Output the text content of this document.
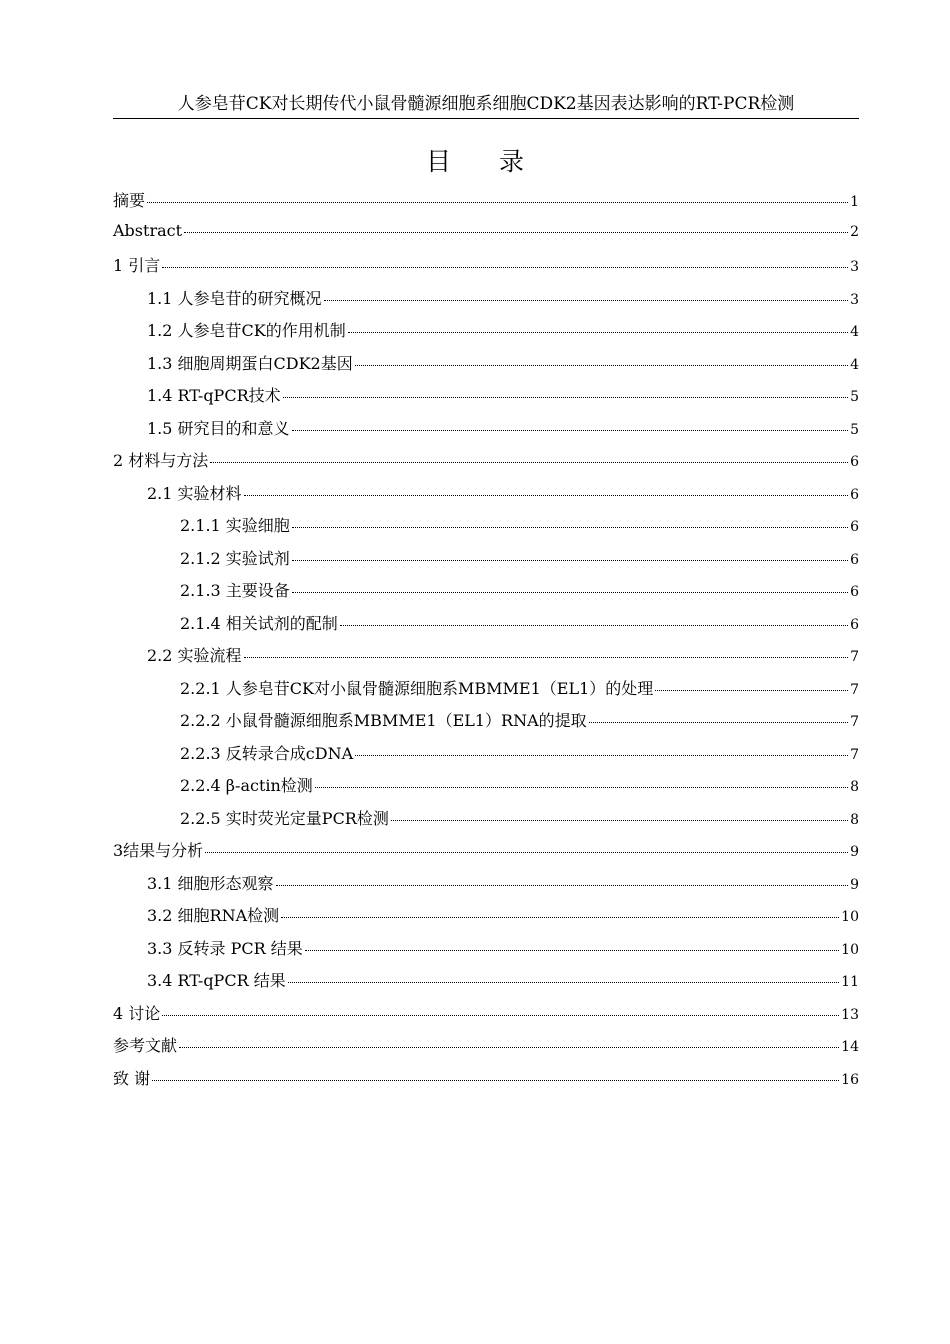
人参皂苷CK对长期传代小鼠骨髓源细胞系细胞CDK2基因表达影响的RT-PCR检测
目录
摘要	1
Abstract	2
1 引言	3
1.1 人参皂苷的研究概况	3
1.2 人参皂苷CK的作用机制	4
1.3 细胞周期蛋白CDK2基因	4
1.4 RT-qPCR技术	5
1.5 研究目的和意义	5
2 材料与方法	6
2.1 实验材料	6
2.1.1 实验细胞	6
2.1.2 实验试剂	6
2.1.3 主要设备	6
2.1.4 相关试剂的配制	6
2.2 实验流程	7
2.2.1 人参皂苷CK对小鼠骨髓源细胞系MBMME1（EL1）的处理	7
2.2.2 小鼠骨髓源细胞系MBMME1（EL1）RNA的提取	7
2.2.3 反转录合成cDNA	7
2.2.4 β-actin检测	8
2.2.5 实时荧光定量PCR检测	8
3结果与分析	9
3.1 细胞形态观察	9
3.2 细胞RNA检测	10
3.3 反转录 PCR 结果	10
3.4 RT-qPCR 结果	11
4 讨论	13
参考文献	14
致 谢	16
